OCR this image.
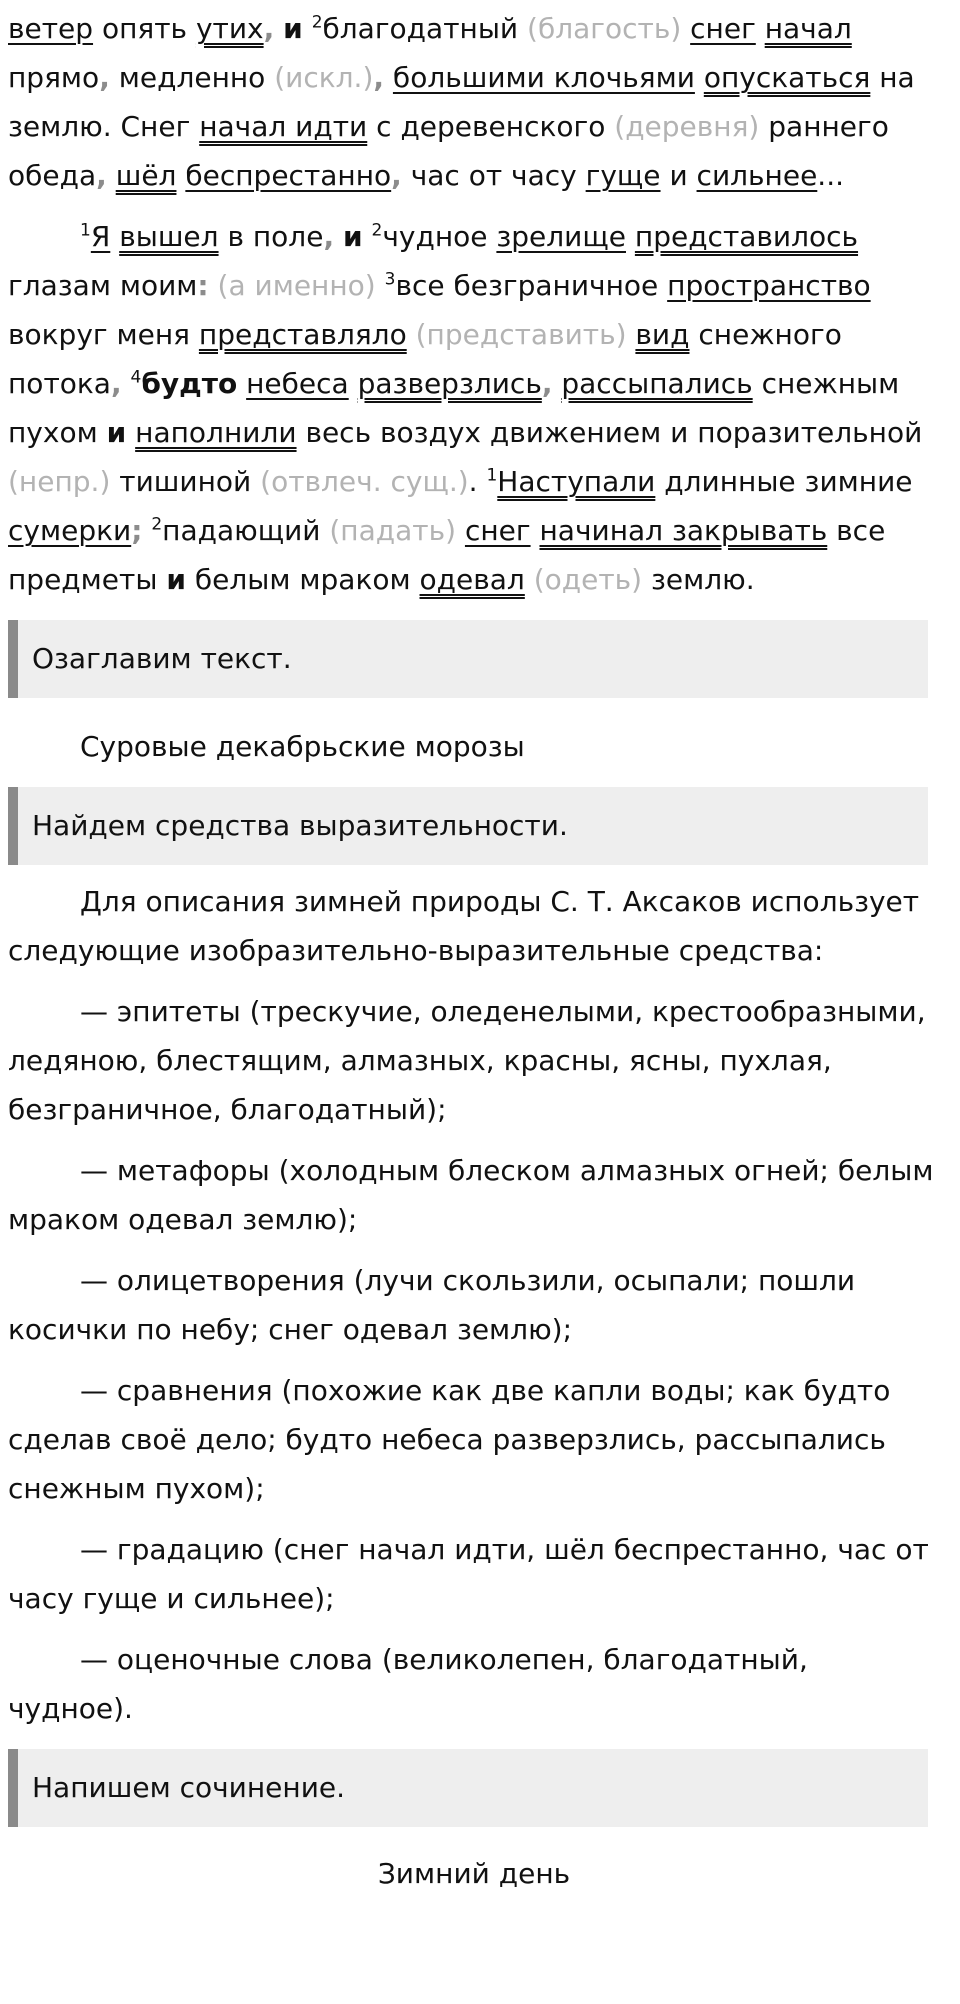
ветер опять утих, и $^2$благодатный (благость) снег начал прямо, медленно (искл.), большими клочьями опускаться на землю. Снег начал идти с деревенского (деревня) раннего обеда, шёл беспрестанно, час от часу гуще и сильнее...

$^1$Я вышел в поле, и $^2$чудное зрелище представилось глазам моим: (а именно) $^3$все безграничное пространство вокруг меня представляло (представить) вид снежного потока, $^4$будто небеса разверзлись, рассыпались снежным пухом и наполнили весь воздух движением и поразительной (непр.) тишиной (отвлеч. сущ.). $^1$Наступали длинные зимние сумерки; $^2$падающий (падать) снег начинал закрывать все предметы и белым мраком одевал (одеть) землю.

Озаглавим текст.

Суровые декабрьские морозы

Найдем средства выразительности.

Для описания зимней природы С. Т. Аксаков использует следующие изобразительно-выразительные средства:

— эпитеты (трескучие, оледенелыми, крестообразными, ледяною, блестящим, алмазных, красны, ясны, пухлая, безграничное, благодатный);

— метафоры (холодным блеском алмазных огней; белым мраком одевал землю);

— олицетворения (лучи скользили, осыпали; пошли косички по небу; снег одевал землю);

— сравнения (похожие как две капли воды; как будто сделав своё дело; будто небеса разверзлись, рассыпались снежным пухом);

— градацию (снег начал идти, шёл беспрестанно, час от часу гуще и сильнее);

— оценочные слова (великолепен, благодатный, чудное).

Напишем сочинение.

Зимний день
